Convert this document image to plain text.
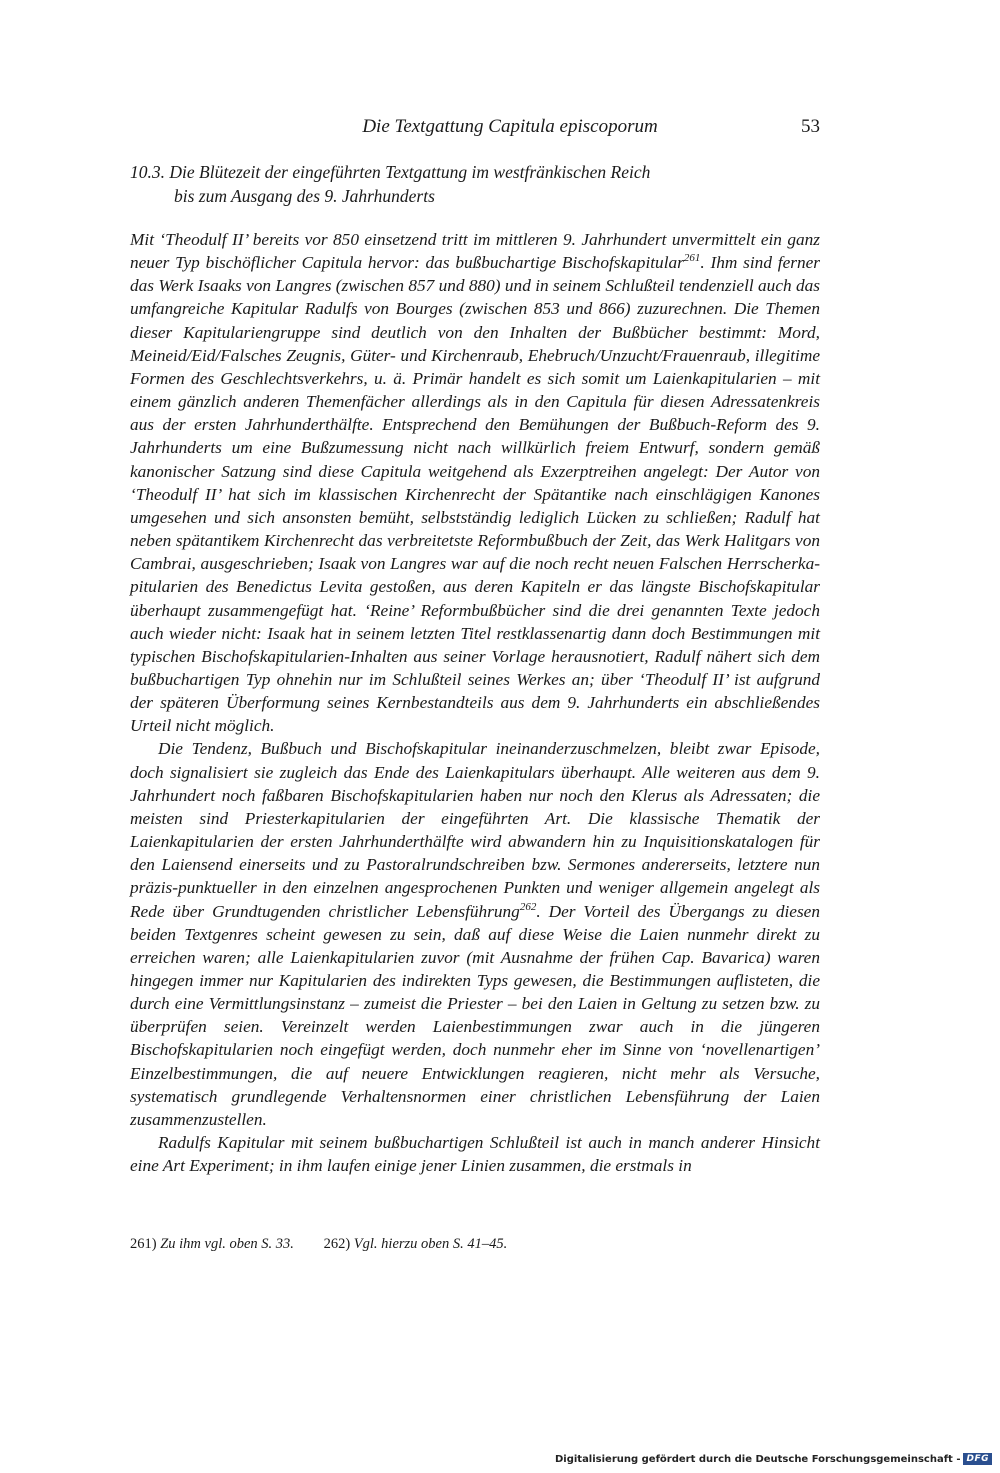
Die Textgattung Capitula episcoporum	53
10.3. Die Blütezeit der eingeführten Textgattung im westfränkischen Reich
bis zum Ausgang des 9. Jahrhunderts

Mit ‘Theodulf II’ bereits vor 850 einsetzend tritt im mittleren 9. Jahrhundert unvermittelt ein ganz neuer Typ bischöflicher Capitula hervor: das bußbuchartige Bischofskapitular$^{261}$. Ihm sind ferner das Werk Isaaks von Langres (zwischen 857 und 880) und in seinem Schlußteil tendenziell auch das umfangreiche Kapitular Radulfs von Bourges (zwischen 853 und 866) zuzurechnen. Die Themen dieser Kapitulariengruppe sind deutlich von den Inhalten der Bußbücher bestimmt: Mord, Meineid/Eid/Falsches Zeugnis, Güter- und Kirchenraub, Ehebruch/Unzucht/Frauenraub, illegitime Formen des Geschlechtsverkehrs, u. ä. Primär handelt es sich somit um Laienkapitularien – mit einem gänzlich anderen Themenfächer allerdings als in den Capitula für diesen Adressatenkreis aus der ersten Jahrhunderthälfte. Entsprechend den Bemühungen der Bußbuch-Reform des 9. Jahrhunderts um eine Bußzumessung nicht nach willkürlich freiem Entwurf, sondern gemäß kanonischer Satzung sind diese Capitula weitgehend als Exzerptreihen angelegt: Der Autor von ‘Theodulf II’ hat sich im klassischen Kirchenrecht der Spätantike nach einschlägigen Kanones umgesehen und sich ansonsten bemüht, selbstständig lediglich Lücken zu schließen; Radulf hat neben spätantikem Kirchenrecht das verbreitetste Reformbußbuch der Zeit, das Werk Halitgars von Cambrai, ausgeschrieben; Isaak von Langres war auf die noch recht neuen Falschen Herrscherkapitularien des Benedictus Levita gestoßen, aus deren Kapiteln er das längste Bischofskapitular überhaupt zusammengefügt hat. ‘Reine’ Reformbußbücher sind die drei genannten Texte jedoch auch wieder nicht: Isaak hat in seinem letzten Titel restklassenartig dann doch Bestimmungen mit typischen Bischofskapitularien-Inhalten aus seiner Vorlage herausnotiert, Radulf nähert sich dem bußbuchartigen Typ ohnehin nur im Schlußteil seines Werkes an; über ‘Theodulf II’ ist aufgrund der späteren Überformung seines Kernbestandteils aus dem 9. Jahrhunderts ein abschließendes Urteil nicht möglich.

Die Tendenz, Bußbuch und Bischofskapitular ineinanderzuschmelzen, bleibt zwar Episode, doch signalisiert sie zugleich das Ende des Laienkapitulars überhaupt. Alle weiteren aus dem 9. Jahrhundert noch faßbaren Bischofskapitularien haben nur noch den Klerus als Adressaten; die meisten sind Priesterkapitularien der eingeführten Art. Die klassische Thematik der Laienkapitularien der ersten Jahrhunderthälfte wird abwandern hin zu Inquisitionskatalogen für den Laiensend einerseits und zu Pastoralrundschreiben bzw. Sermones andererseits, letztere nun präzis-punktueller in den einzelnen angesprochenen Punkten und weniger allgemein angelegt als Rede über Grundtugenden christlicher Lebensführung$^{262}$. Der Vorteil des Übergangs zu diesen beiden Textgenres scheint gewesen zu sein, daß auf diese Weise die Laien nunmehr direkt zu erreichen waren; alle Laienkapitularien zuvor (mit Ausnahme der frühen Cap. Bavarica) waren hingegen immer nur Kapitularien des indirekten Typs gewesen, die Bestimmungen auflisteten, die durch eine Vermittlungsinstanz – zumeist die Priester – bei den Laien in Geltung zu setzen bzw. zu überprüfen seien. Vereinzelt werden Laienbestimmungen zwar auch in die jüngeren Bischofskapitularien noch eingefügt werden, doch nunmehr eher im Sinne von ‘novellenartigen’ Einzelbestimmungen, die auf neuere Entwicklungen reagieren, nicht mehr als Versuche, systematisch grundlegende Verhaltensnormen einer christlichen Lebensführung der Laien zusammenzustellen.

Radulfs Kapitular mit seinem bußbuchartigen Schlußteil ist auch in manch anderer Hinsicht eine Art Experiment; in ihm laufen einige jener Linien zusammen, die erstmals in

261) Zu ihm vgl. oben S. 33. 262) Vgl. hierzu oben S. 41–45.
Digitalisierung gefördert durch die Deutsche Forschungsgemeinschaft - DFG
